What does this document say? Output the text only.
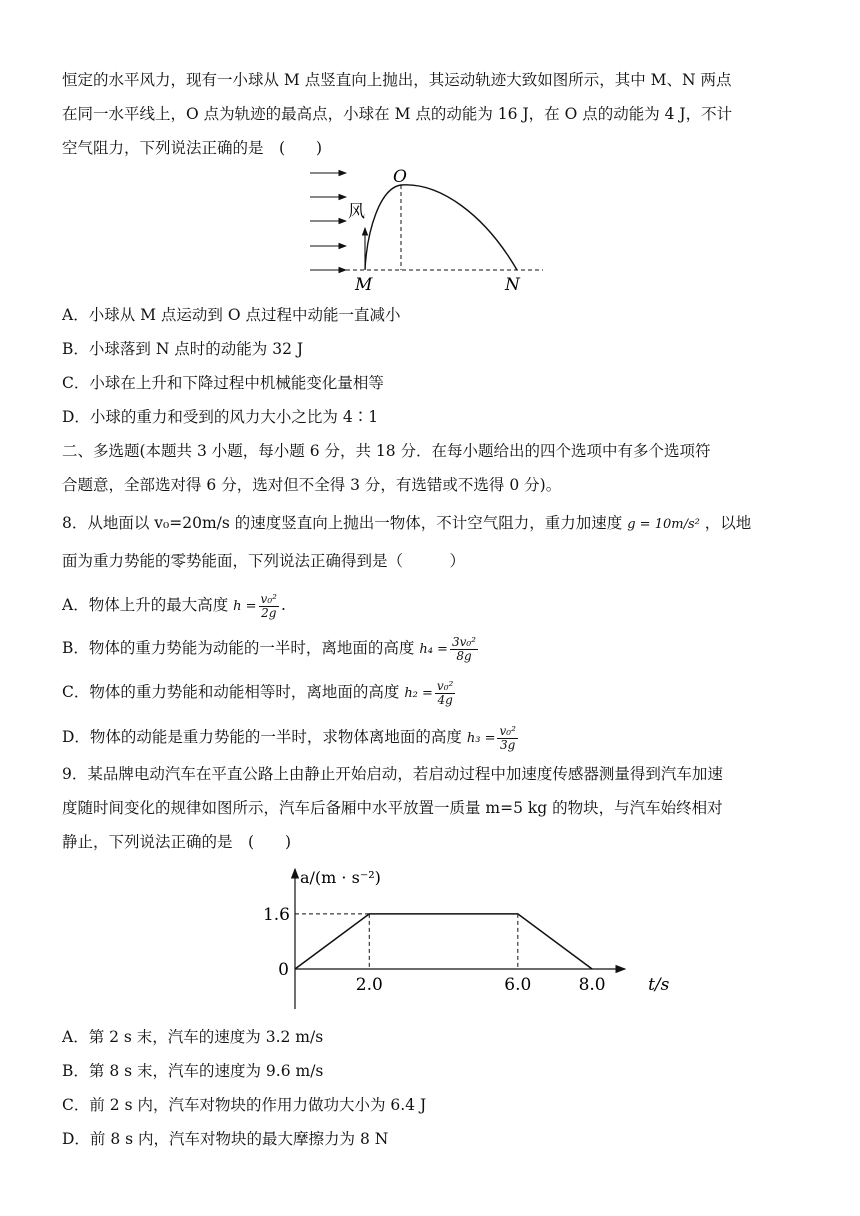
恒定的水平风力，现有一小球从 M 点竖直向上抛出，其运动轨迹大致如图所示，其中 M、N 两点
在同一水平线上，O 点为轨迹的最高点，小球在 M 点的动能为 16 J，在 O 点的动能为 4 J，不计
空气阻力，下列说法正确的是　(　　)
风
O
M	N
A．小球从 M 点运动到 O 点过程中动能一直减小
B．小球落到 N 点时的动能为 32 J
C．小球在上升和下降过程中机械能变化量相等
D．小球的重力和受到的风力大小之比为 4∶1
二、多选题(本题共 3 小题，每小题 6 分，共 18 分．在每小题给出的四个选项中有多个选项符
合题意，全部选对得 6 分，选对但不全得 3 分，有选错或不选得 0 分)。
8．从地面以 v₀=20m/s 的速度竖直向上抛出一物体，不计空气阻力，重力加速度 g = 10m/s² ，以地
面为重力势能的零势能面，下列说法正确得到是（　　　）
A．物体上升的最大高度 $h = \frac{\text{v₀²}}{2g}$ .
B．物体的重力势能为动能的一半时，离地面的高度 $h_4 = \frac{\text{3v₀²}}{8g}$
C．物体的重力势能和动能相等时，离地面的高度 $h_2 = \frac{\text{v₀²}}{4g}$
D．物体的动能是重力势能的一半时，求物体离地面的高度 $h_3 = \frac{\text{v₀²}}{3g}$
9．某品牌电动汽车在平直公路上由静止开始启动，若启动过程中加速度传感器测量得到汽车加速
度随时间变化的规律如图所示，汽车后备厢中水平放置一质量 m=5 kg 的物块，与汽车始终相对
静止，下列说法正确的是　(　　)
2.0	6.0	8.0
1.6
0
a/(m · s⁻²)
t/s
A．第 2 s 末，汽车的速度为 3.2 m/s
B．第 8 s 末，汽车的速度为 9.6 m/s
C．前 2 s 内，汽车对物块的作用力做功大小为 6.4 J
D．前 8 s 内，汽车对物块的最大摩擦力为 8 N
